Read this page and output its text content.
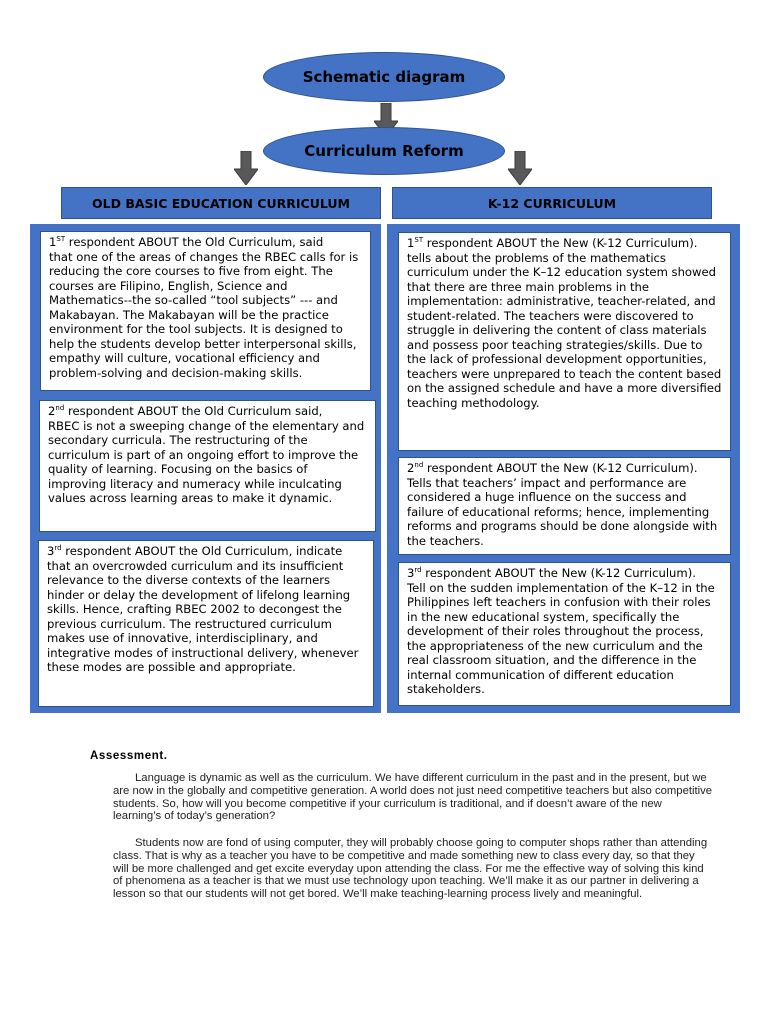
Schematic diagram
Curriculum Reform
OLD BASIC EDUCATION CURRICULUM	K-12 CURRICULUM
1ST respondent ABOUT the Old Curriculum, said
that one of the areas of changes the RBEC calls for is reducing the core courses to five from eight. The courses are Filipino, English, Science and Mathematics--the so-called “tool subjects” --- and Makabayan. The Makabayan will be the practice environment for the tool subjects. It is designed to help the students develop better interpersonal skills, empathy will culture, vocational efficiency and problem-solving and decision-making skills.
2nd respondent ABOUT the Old Curriculum said,
RBEC is not a sweeping change of the elementary and secondary curricula. The restructuring of the curriculum is part of an ongoing effort to improve the quality of learning. Focusing on the basics of improving literacy and numeracy while inculcating values across learning areas to make it dynamic.
3rd respondent ABOUT the Old Curriculum, indicate
that an overcrowded curriculum and its insufficient relevance to the diverse contexts of the learners hinder or delay the development of lifelong learning skills. Hence, crafting RBEC 2002 to decongest the previous curriculum. The restructured curriculum makes use of innovative, interdisciplinary, and integrative modes of instructional delivery, whenever these modes are possible and appropriate.
1ST respondent ABOUT the New (K-12 Curriculum).
tells about the problems of the mathematics curriculum under the K–12 education system showed that there are three main problems in the implementation: administrative, teacher-related, and student-related. The teachers were discovered to struggle in delivering the content of class materials and possess poor teaching strategies/skills. Due to the lack of professional development opportunities, teachers were unprepared to teach the content based on the assigned schedule and have a more diversified teaching methodology.
2nd respondent ABOUT the New (K-12 Curriculum).
Tells that teachers’ impact and performance are considered a huge influence on the success and failure of educational reforms; hence, implementing reforms and programs should be done alongside with the teachers.
3rd respondent ABOUT the New (K-12 Curriculum).
Tell on the sudden implementation of the K–12 in the Philippines left teachers in confusion with their roles in the new educational system, specifically the development of their roles throughout the process, the appropriateness of the new curriculum and the real classroom situation, and the difference in the internal communication of different education stakeholders.
Assessment.

Language is dynamic as well as the curriculum. We have different curriculum in the past and in the present, but we are now in the globally and competitive generation. A world does not just need competitive teachers but also competitive students. So, how will you become competitive if your curriculum is traditional, and if doesn’t aware of the new learning’s of today’s generation?

Students now are fond of using computer, they will probably choose going to computer shops rather than attending class. That is why as a teacher you have to be competitive and made something new to class every day, so that they will be more challenged and get excite everyday upon attending the class. For me the effective way of solving this kind of phenomena as a teacher is that we must use technology upon teaching. We’ll make it as our partner in delivering a lesson so that our students will not get bored. We’ll make teaching-learning process lively and meaningful.
